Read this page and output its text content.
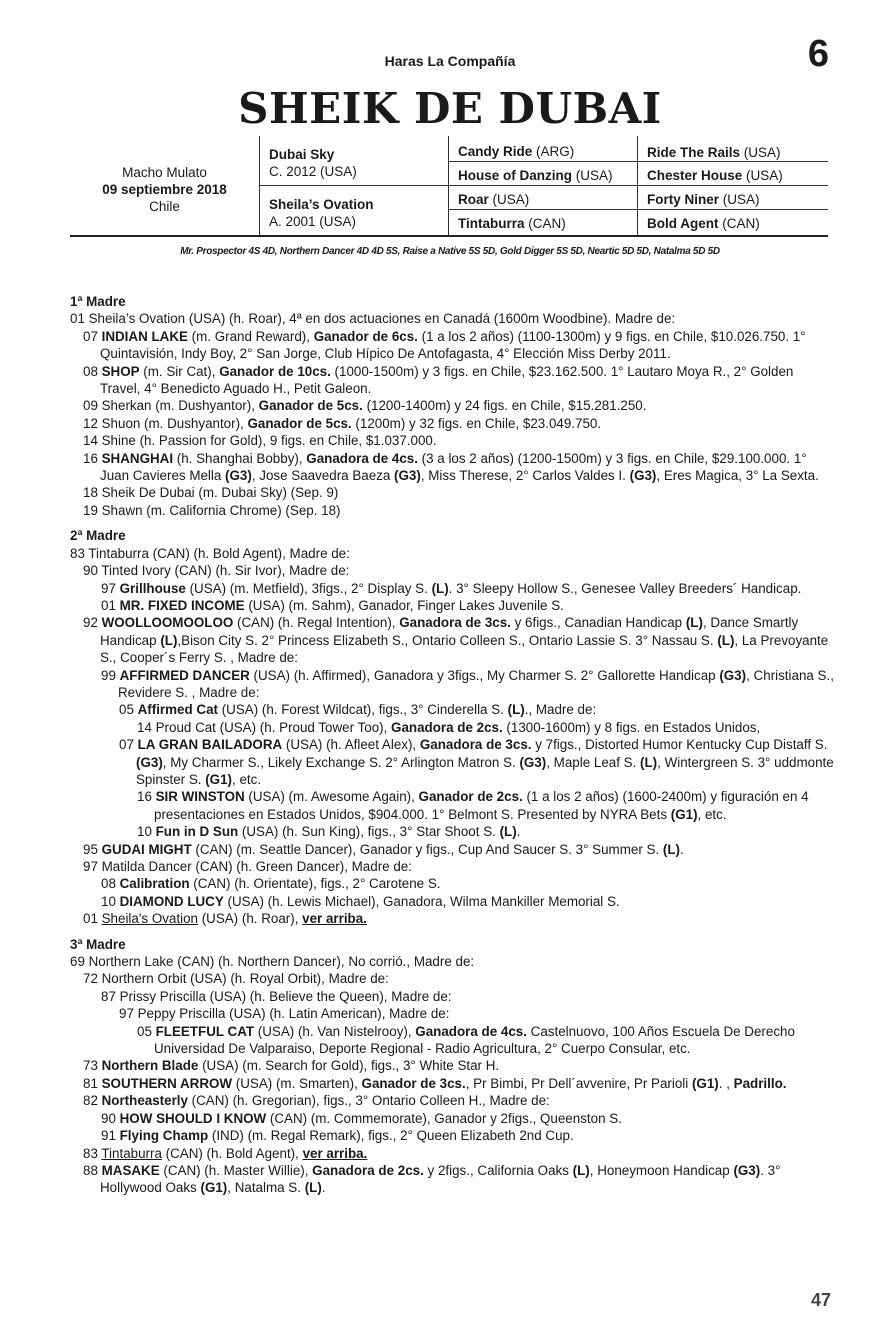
Haras La Compañía	6
SHEIK DE DUBAI
Macho Mulato
09 septiembre 2018
Chile
Dubai Sky
C. 2012 (USA)
Sheila’s Ovation
A. 2001 (USA)
Candy Ride (ARG)
House of Danzing (USA)
Roar (USA)
Tintaburra (CAN)
Ride The Rails (USA)
Chester House (USA)
Forty Niner (USA)
Bold Agent (CAN)
Mr. Prospector 4S 4D, Northern Dancer 4D 4D 5S, Raise a Native 5S 5D, Gold Digger 5S 5D, Neartic 5D 5D, Natalma 5D 5D
1ª Madre
01 Sheila’s Ovation (USA) (h. Roar), 4ª en dos actuaciones en Canadá (1600m Woodbine). Madre de:
07 INDIAN LAKE (m. Grand Reward), Ganador de 6cs. (1 a los 2 años) (1100-1300m) y 9 figs. en Chile, $10.026.750. 1° Quintavisión, Indy Boy, 2° San Jorge, Club Hípico De Antofagasta, 4° Elección Miss Derby 2011.
08 SHOP (m. Sir Cat), Ganador de 10cs. (1000-1500m) y 3 figs. en Chile, $23.162.500. 1° Lautaro Moya R., 2° Golden Travel, 4° Benedicto Aguado H., Petit Galeon.
09 Sherkan (m. Dushyantor), Ganador de 5cs. (1200-1400m) y 24 figs. en Chile, $15.281.250.
12 Shuon (m. Dushyantor), Ganador de 5cs. (1200m) y 32 figs. en Chile, $23.049.750.
14 Shine (h. Passion for Gold), 9 figs. en Chile, $1.037.000.
16 SHANGHAI (h. Shanghai Bobby), Ganadora de 4cs. (3 a los 2 años) (1200-1500m) y 3 figs. en Chile, $29.100.000. 1° Juan Cavieres Mella (G3), Jose Saavedra Baeza (G3), Miss Therese, 2° Carlos Valdes I. (G3), Eres Magica, 3° La Sexta.
18 Sheik De Dubai (m. Dubai Sky) (Sep. 9)
19 Shawn (m. California Chrome) (Sep. 18)
2ª Madre
83 Tintaburra (CAN) (h. Bold Agent), Madre de:
90 Tinted Ivory (CAN) (h. Sir Ivor), Madre de:
97 Grillhouse (USA) (m. Metfield), 3figs., 2° Display S. (L). 3° Sleepy Hollow S., Genesee Valley Breeders´ Handicap.
01 MR. FIXED INCOME (USA) (m. Sahm), Ganador, Finger Lakes Juvenile S.
92 WOOLLOOMOOLOO (CAN) (h. Regal Intention), Ganadora de 3cs. y 6figs., Canadian Handicap (L), Dance Smartly Handicap (L),Bison City S. 2° Princess Elizabeth S., Ontario Colleen S., Ontario Lassie S. 3° Nassau S. (L), La Prevoyante S., Cooper´s Ferry S. , Madre de:
99 AFFIRMED DANCER (USA) (h. Affirmed), Ganadora y 3figs., My Charmer S. 2° Gallorette Handicap (G3), Christiana S., Revidere S. , Madre de:
05 Affirmed Cat (USA) (h. Forest Wildcat), figs., 3° Cinderella S. (L)., Madre de:
14 Proud Cat (USA) (h. Proud Tower Too), Ganadora de 2cs. (1300-1600m) y 8 figs. en Estados Unidos,
07 LA GRAN BAILADORA (USA) (h. Afleet Alex), Ganadora de 3cs. y 7figs., Distorted Humor Kentucky Cup Distaff S. (G3), My Charmer S., Likely Exchange S. 2° Arlington Matron S. (G3), Maple Leaf S. (L), Wintergreen S. 3° uddmonte Spinster S. (G1), etc.
16 SIR WINSTON (USA) (m. Awesome Again), Ganador de 2cs. (1 a los 2 años) (1600-2400m) y figuración en 4 presentaciones en Estados Unidos, $904.000. 1° Belmont S. Presented by NYRA Bets (G1), etc.
10 Fun in D Sun (USA) (h. Sun King), figs., 3° Star Shoot S. (L).
95 GUDAI MIGHT (CAN) (m. Seattle Dancer), Ganador y figs., Cup And Saucer S. 3° Summer S. (L).
97 Matilda Dancer (CAN) (h. Green Dancer), Madre de:
08 Calibration (CAN) (h. Orientate), figs., 2° Carotene S.
10 DIAMOND LUCY (USA) (h. Lewis Michael), Ganadora, Wilma Mankiller Memorial S.
01 Sheila's Ovation (USA) (h. Roar), ver arriba.
3ª Madre
69 Northern Lake (CAN) (h. Northern Dancer), No corrió., Madre de:
72 Northern Orbit (USA) (h. Royal Orbit), Madre de:
87 Prissy Priscilla (USA) (h. Believe the Queen), Madre de:
97 Peppy Priscilla (USA) (h. Latin American), Madre de:
05 FLEETFUL CAT (USA) (h. Van Nistelrooy), Ganadora de 4cs. Castelnuovo, 100 Años Escuela De Derecho Universidad De Valparaiso, Deporte Regional - Radio Agricultura, 2° Cuerpo Consular, etc.
73 Northern Blade (USA) (m. Search for Gold), figs., 3° White Star H.
81 SOUTHERN ARROW (USA) (m. Smarten), Ganador de 3cs., Pr Bimbi, Pr Dell´avvenire, Pr Parioli (G1). , Padrillo.
82 Northeasterly (CAN) (h. Gregorian), figs., 3° Ontario Colleen H., Madre de:
90 HOW SHOULD I KNOW (CAN) (m. Commemorate), Ganador y 2figs., Queenston S.
91 Flying Champ (IND) (m. Regal Remark), figs., 2° Queen Elizabeth 2nd Cup.
83 Tintaburra (CAN) (h. Bold Agent), ver arriba.
88 MASAKE (CAN) (h. Master Willie), Ganadora de 2cs. y 2figs., California Oaks (L), Honeymoon Handicap (G3). 3° Hollywood Oaks (G1), Natalma S. (L).
47
